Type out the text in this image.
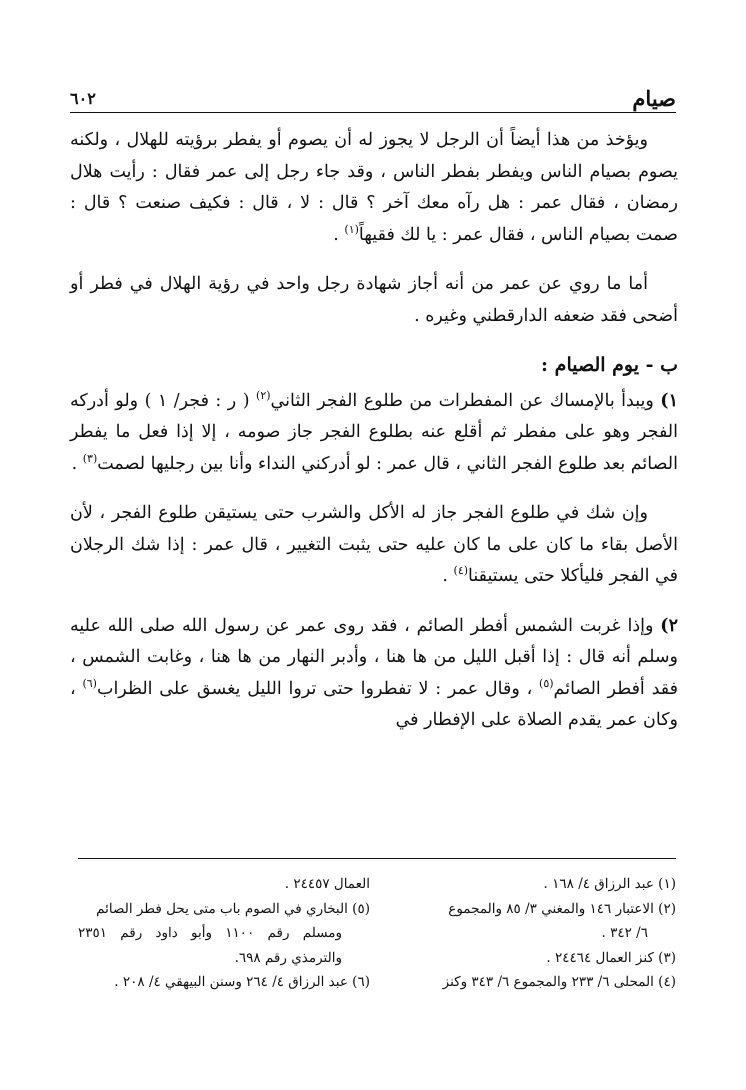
صيام
٦٠٢

ويؤخذ من هذا أيضاً أن الرجل لا يجوز له أن يصوم أو يفطر برؤيته للهلال ، ولكنه يصوم بصيام الناس ويفطر بفطر الناس ، وقد جاء رجل إلى عمر فقال : رأيت هلال رمضان ، فقال عمر : هل رآه معك آخر ؟ قال : لا ، قال : فكيف صنعت ؟ قال : صمت بصيام الناس ، فقال عمر : يا لك فقيهاً$^{(١)}$ .

أما ما روي عن عمر من أنه أجاز شهادة رجل واحد في رؤية الهلال في فطر أو أضحى فقد ضعفه الدارقطني وغيره .

ب - يوم الصيام :

١) ويبدأ بالإمساك عن المفطرات من طلوع الفجر الثاني$^{(٢)}$ ( ر : فجر/ ١ ) ولو أدركه الفجر وهو على مفطر ثم أقلع عنه بطلوع الفجر جاز صومه ، إلا إذا فعل ما يفطر الصائم بعد طلوع الفجر الثاني ، قال عمر : لو أدركني النداء وأنا بين رجليها لصمت$^{(٣)}$ .

وإن شك في طلوع الفجر جاز له الأكل والشرب حتى يستيقن طلوع الفجر ، لأن الأصل بقاء ما كان على ما كان عليه حتى يثبت التغيير ، قال عمر : إذا شك الرجلان في الفجر فليأكلا حتى يستيقنا$^{(٤)}$ .

٢) وإذا غربت الشمس أفطر الصائم ، فقد روى عمر عن رسول الله صلى الله عليه وسلم أنه قال : إذا أقبل الليل من ها هنا ، وأدبر النهار من ها هنا ، وغابت الشمس ، فقد أفطر الصائم$^{(٥)}$ ، وقال عمر : لا تفطروا حتى تروا الليل يغسق على الظراب$^{(٦)}$ ، وكان عمر يقدم الصلاة على الإفطار في

(١) عبد الرزاق ٤/ ١٦٨ .

(٢) الاعتبار ١٤٦ والمغني ٣/ ٨٥ والمجموع
٦/ ٣٤٢ .

(٣) كنز العمال ٢٤٤٦٤ .

(٤) المحلى ٦/ ٢٣٣ والمجموع ٦/ ٣٤٣ وكنز

العمال ٢٤٤٥٧ .

(٥) البخاري في الصوم باب متى يحل فطر الصائم
ومسلم رقم ١١٠٠ وأبو داود رقم ٢٣٥١ والترمذي رقم ٦٩٨.

(٦) عبد الرزاق ٤/ ٢٦٤ وسنن البيهقي ٤/ ٢٠٨ .
